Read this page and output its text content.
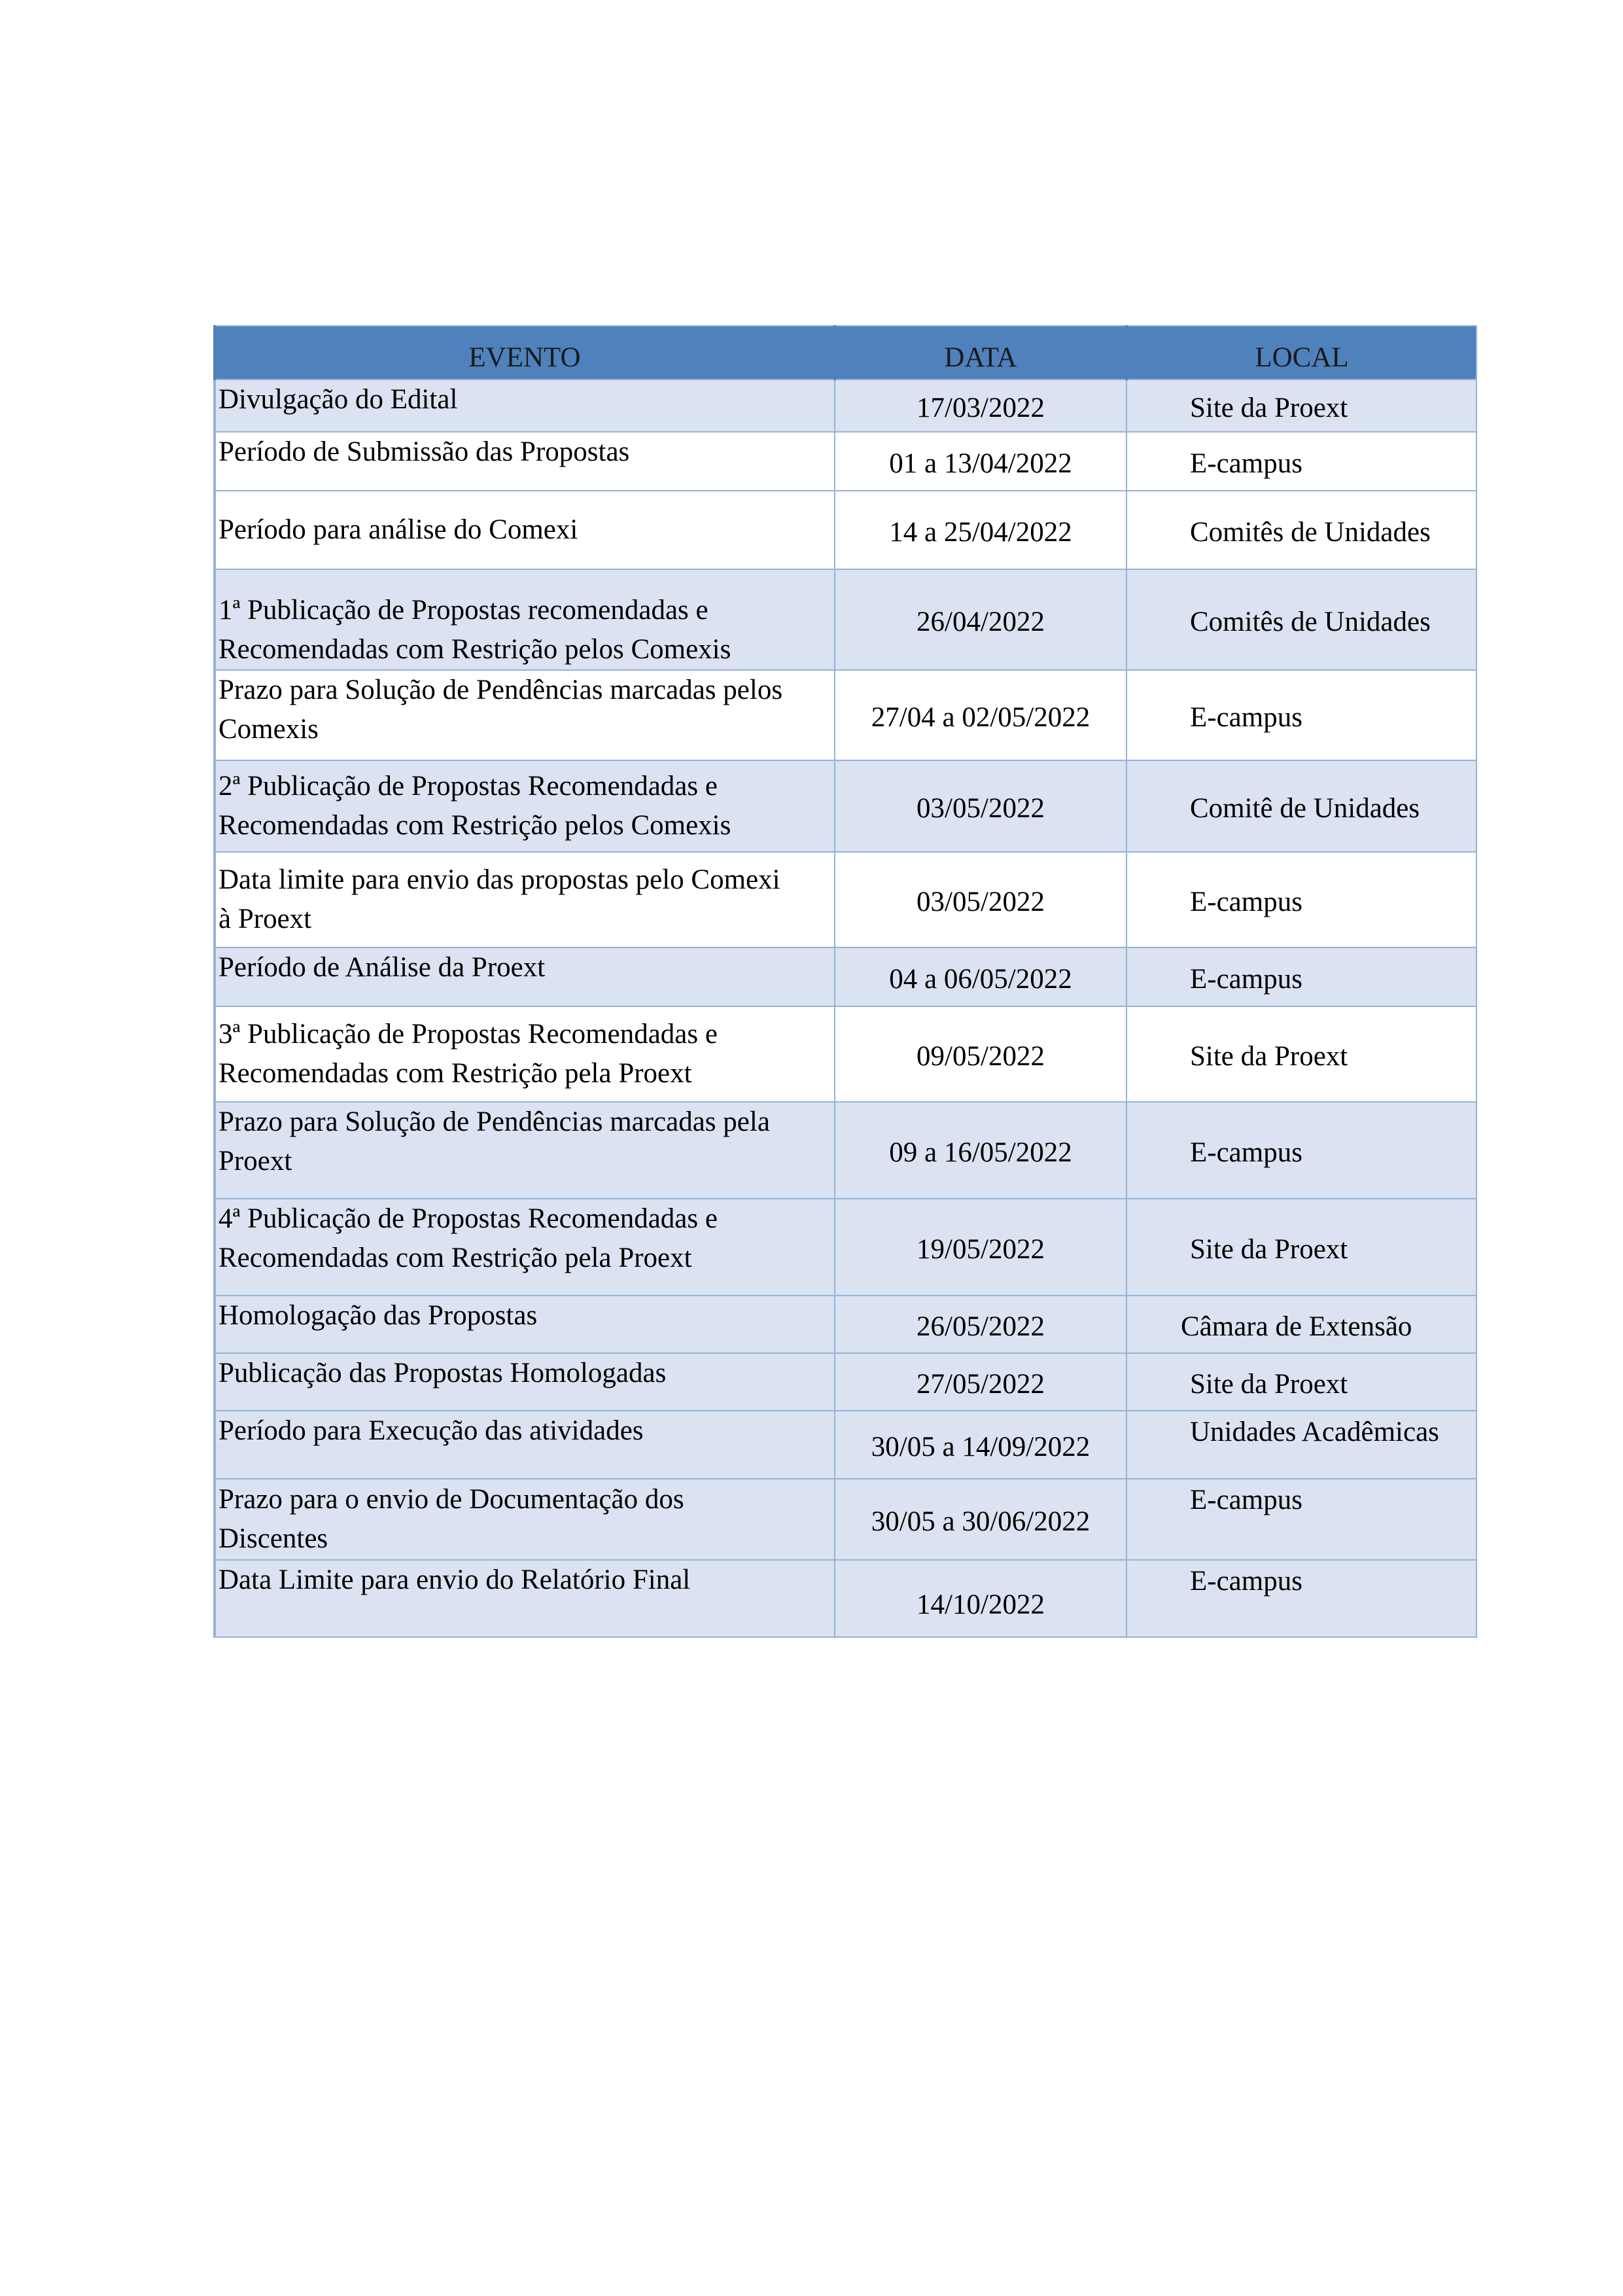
EVENTO	DATA	LOCAL

Divulgação do Edital	17/03/2022	Site da Proext

Período de Submissão das Propostas	01 a 13/04/2022	E-campus

Período para análise do Comexi	14 a 25/04/2022	Comitês de Unidades

1ª Publicação de Propostas recomendadas e
Recomendadas com Restrição pelos Comexis	26/04/2022	Comitês de Unidades

Prazo para Solução de Pendências marcadas pelos
Comexis	27/04 a 02/05/2022	E-campus

2ª Publicação de Propostas Recomendadas e
Recomendadas com Restrição pelos Comexis	03/05/2022	Comitê de Unidades

Data limite para envio das propostas pelo Comexi
à Proext	03/05/2022	E-campus

Período de Análise da Proext	04 a 06/05/2022	E-campus

3ª Publicação de Propostas Recomendadas e
Recomendadas com Restrição pela Proext	09/05/2022	Site da Proext

Prazo para Solução de Pendências marcadas pela
Proext	09 a 16/05/2022	E-campus

4ª Publicação de Propostas Recomendadas e
Recomendadas com Restrição pela Proext	19/05/2022	Site da Proext

Homologação das Propostas	26/05/2022	Câmara de Extensão

Publicação das Propostas Homologadas	27/05/2022	Site da Proext

Período para Execução das atividades	30/05 a 14/09/2022	Unidades Acadêmicas

Prazo para o envio de Documentação dos
Discentes	30/05 a 30/06/2022	E-campus

Data Limite para envio do Relatório Final	14/10/2022	E-campus
